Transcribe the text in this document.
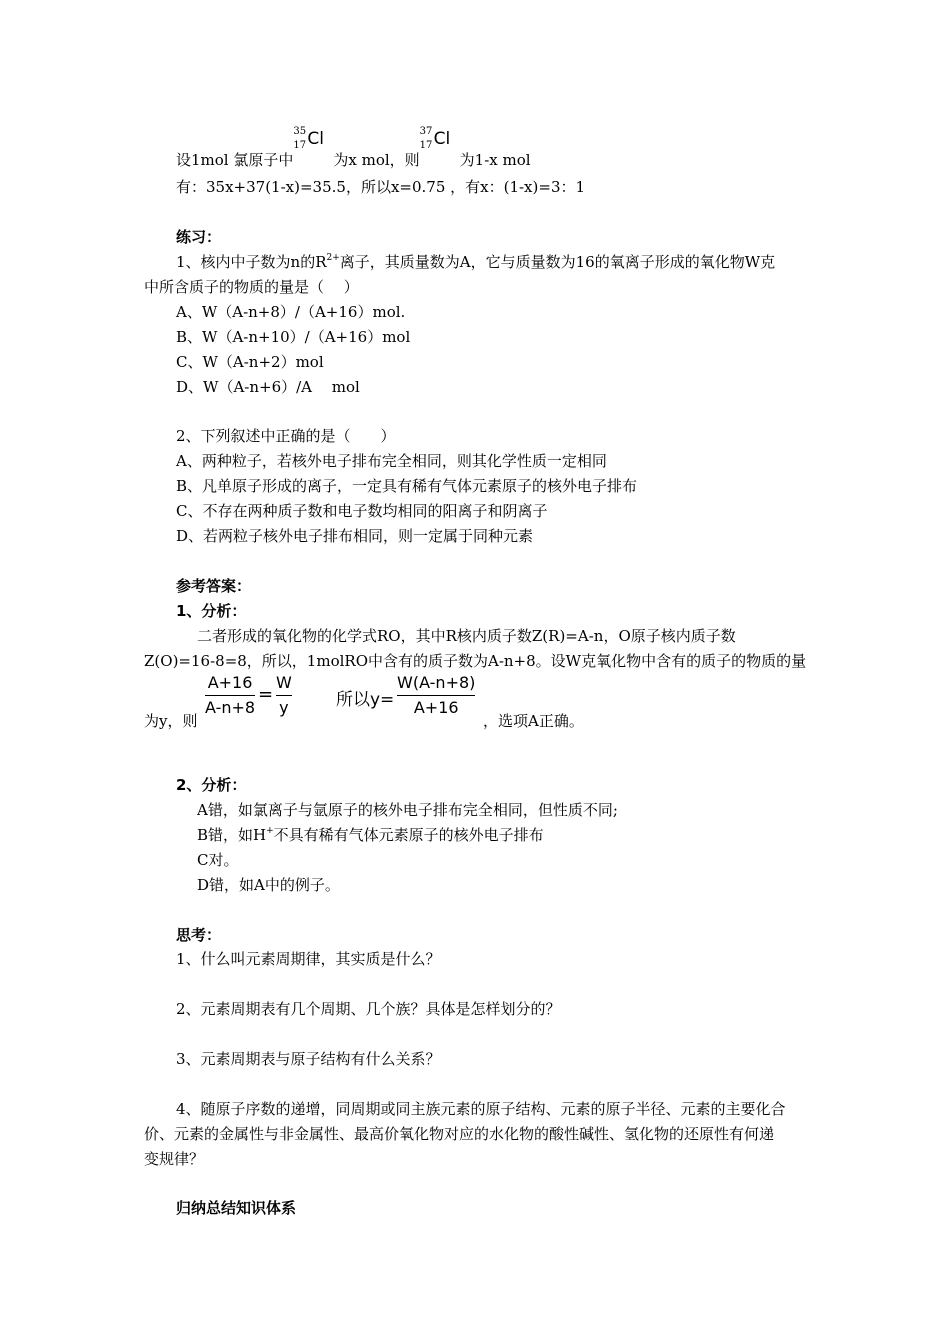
设1mol 氯原子中
35
17 Cl
为x mol，则
37
17 Cl
为1-x mol
有：35x+37(1-x)=35.5，所以x=0.75 ，有x：(1-x)=3：1
练习：
1、核内中子数为n的$R^{2+}$离子，其质量数为A，它与质量数为16的氧离子形成的氧化物W克
中所含质子的物质的量是（　 ）
A、W（A-n+8）/（A+16）mol.
B、W（A-n+10）/（A+16）mol
C、W（A-n+2）mol
D、W（A-n+6）/A　 mol
2、下列叙述中正确的是（　　）
A、两种粒子，若核外电子排布完全相同，则其化学性质一定相同
B、凡单原子形成的离子，一定具有稀有气体元素原子的核外电子排布
C、不存在两种质子数和电子数均相同的阳离子和阴离子
D、若两粒子核外电子排布相同，则一定属于同种元素
参考答案：
1、分析：
二者形成的氧化物的化学式RO，其中R核内质子数Z(R)=A-n，O原子核内质子数
Z(O)=16-8=8，所以，1molRO中含有的质子数为A-n+8。设W克氧化物中含有的质子的物质的量
为y，则
A+16
A-n+8
=
W
y	所以y=
W(A-n+8)
A+16
，选项A正确。
2、分析：
A错，如氯离子与氩原子的核外电子排布完全相同，但性质不同;
B错，如H+不具有稀有气体元素原子的核外电子排布
C对。
D错，如A中的例子。
思考：
1、什么叫元素周期律，其实质是什么？
2、元素周期表有几个周期、几个族？具体是怎样划分的？
3、元素周期表与原子结构有什么关系？
4、随原子序数的递增，同周期或同主族元素的原子结构、元素的原子半径、元素的主要化合
价、元素的金属性与非金属性、最高价氧化物对应的水化物的酸性碱性、氢化物的还原性有何递
变规律？
归纳总结知识体系
